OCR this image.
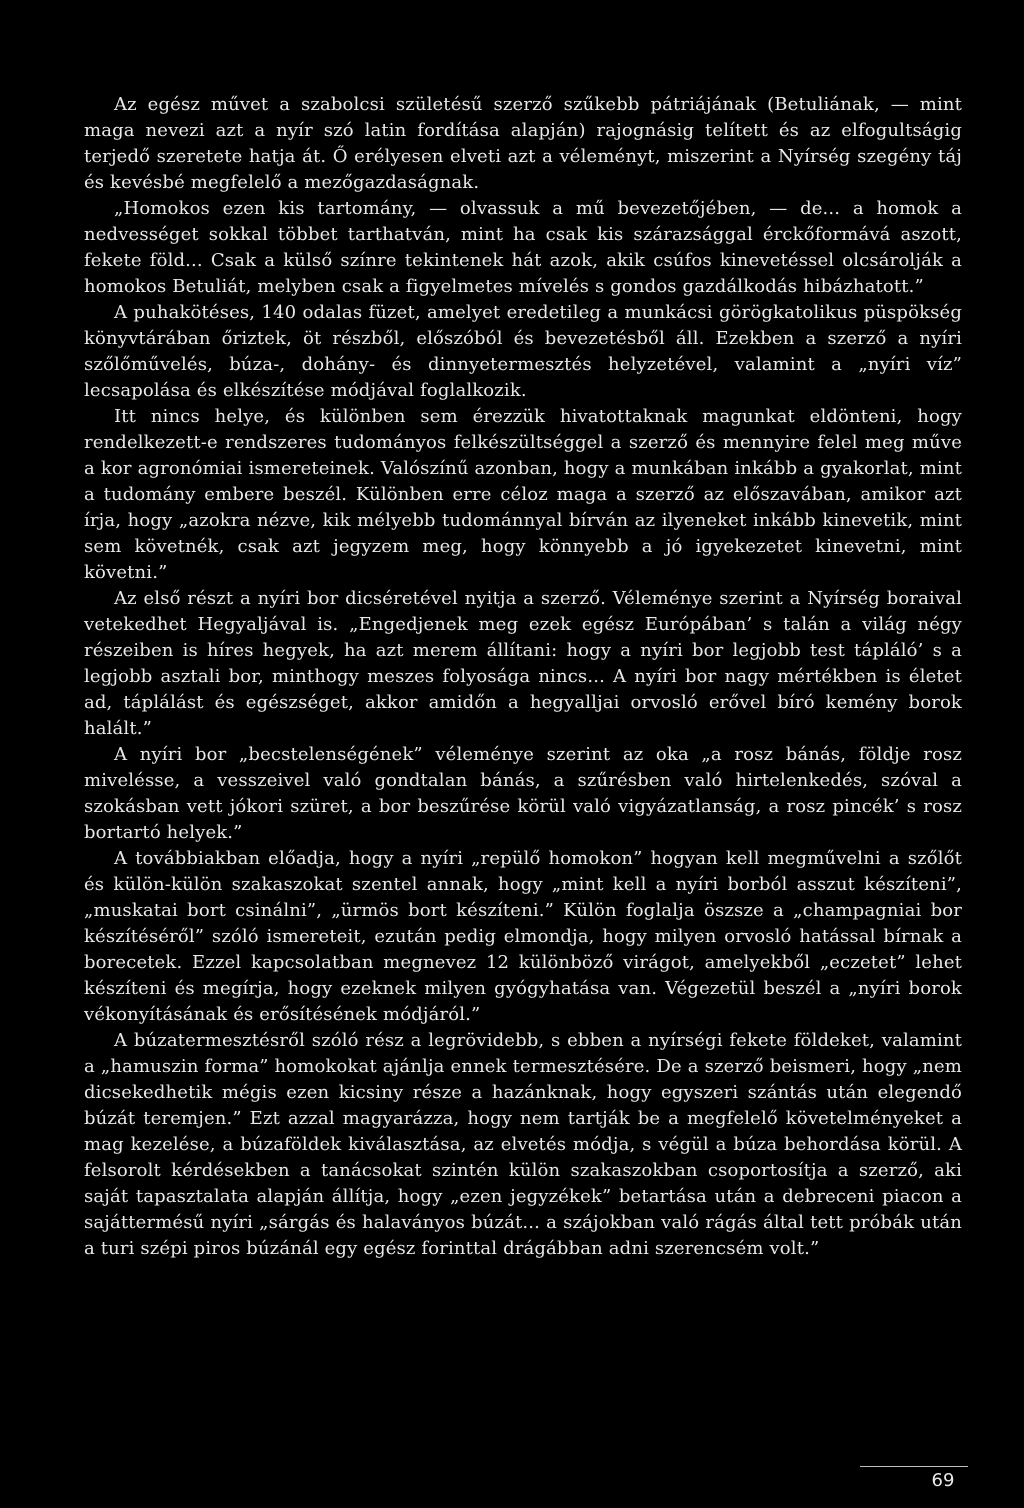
Az egész művet a szabolcsi születésű szerző szűkebb pátriájának (Betuliának, — mint maga nevezi azt a nyír szó latin fordítása alapján) rajognásig telített és az elfogultságig terjedő szeretete hatja át. Ő erélyesen elveti azt a véleményt, miszerint a Nyírség szegény táj és kevésbé megfelelő a mezőgazdaságnak.

„Homokos ezen kis tartomány, — olvassuk a mű bevezetőjében, — de... a homok a nedvességet sokkal többet tarthatván, mint ha csak kis szárazsággal érckőformává aszott, fekete föld... Csak a külső színre tekintenek hát azok, akik csúfos kinevetéssel olcsárolják a homokos Betuliát, melyben csak a figyelmetes mívelés s gondos gazdálkodás hibázhatott.”

A puhakötéses, 140 odalas füzet, amelyet eredetileg a munkácsi görögkatolikus püspökség könyvtárában őriztek, öt részből, előszóból és bevezetésből áll. Ezekben a szerző a nyíri szőlőművelés, búza-, dohány- és dinnyetermesztés helyzetével, valamint a „nyíri víz” lecsapolása és elkészítése módjával foglalkozik.

Itt nincs helye, és különben sem érezzük hivatottaknak magunkat eldönteni, hogy rendelkezett-e rendszeres tudományos felkészültséggel a szerző és mennyire felel meg műve a kor agronómiai ismereteinek. Valószínű azonban, hogy a munkában inkább a gyakorlat, mint a tudomány embere beszél. Különben erre céloz maga a szerző az előszavában, amikor azt írja, hogy „azokra nézve, kik mélyebb tudománnyal bírván az ilyeneket inkább kinevetik, mint sem követnék, csak azt jegyzem meg, hogy könnyebb a jó igyekezetet kinevetni, mint követni.”

Az első részt a nyíri bor dicséretével nyitja a szerző. Véleménye szerint a Nyírség boraival vetekedhet Hegyaljával is. „Engedjenek meg ezek egész Európában’ s talán a világ négy részeiben is híres hegyek, ha azt merem állítani: hogy a nyíri bor legjobb test tápláló’ s a legjobb asztali bor, minthogy meszes folyosága nincs... A nyíri bor nagy mértékben is életet ad, táplálást és egészséget, akkor amidőn a hegyalljai orvosló erővel bíró kemény borok halált.”

A nyíri bor „becstelenségének” véleménye szerint az oka „a rosz bánás, földje rosz mivelésse, a vesszeivel való gondtalan bánás, a szűrésben való hirtelenkedés, szóval a szokásban vett jókori szüret, a bor beszűrése körül való vigyázatlanság, a rosz pincék’ s rosz bortartó helyek.”

A továbbiakban előadja, hogy a nyíri „repülő homokon” hogyan kell megművelni a szőlőt és külön-külön szakaszokat szentel annak, hogy „mint kell a nyíri borból asszut készíteni”, „muskatai bort csinálni”, „ürmös bort készíteni.” Külön foglalja öszsze a „champagniai bor készítéséről” szóló ismereteit, ezután pedig elmondja, hogy milyen orvosló hatással bírnak a borecetek. Ezzel kapcsolatban megnevez 12 különböző virágot, amelyekből „eczetet” lehet készíteni és megírja, hogy ezeknek milyen gyógyhatása van. Végezetül beszél a „nyíri borok vékonyításának és erősítésének módjáról.”

A búzatermesztésről szóló rész a legrövidebb, s ebben a nyírségi fekete földeket, valamint a „hamuszin forma” homokokat ajánlja ennek termesztésére. De a szerző beismeri, hogy „nem dicsekedhetik mégis ezen kicsiny része a hazánknak, hogy egyszeri szántás után elegendő búzát teremjen.” Ezt azzal magyarázza, hogy nem tartják be a megfelelő követelményeket a mag kezelése, a búzaföldek kiválasztása, az elvetés módja, s végül a búza behordása körül. A felsorolt kérdésekben a tanácsokat szintén külön szakaszokban csoportosítja a szerző, aki saját tapasztalata alapján állítja, hogy „ezen jegyzékek” betartása után a debreceni piacon a sajáttermésű nyíri „sárgás és halaványos búzát... a szájokban való rágás által tett próbák után a turi szépi piros búzánál egy egész forinttal drágábban adni szerencsém volt.”

69
